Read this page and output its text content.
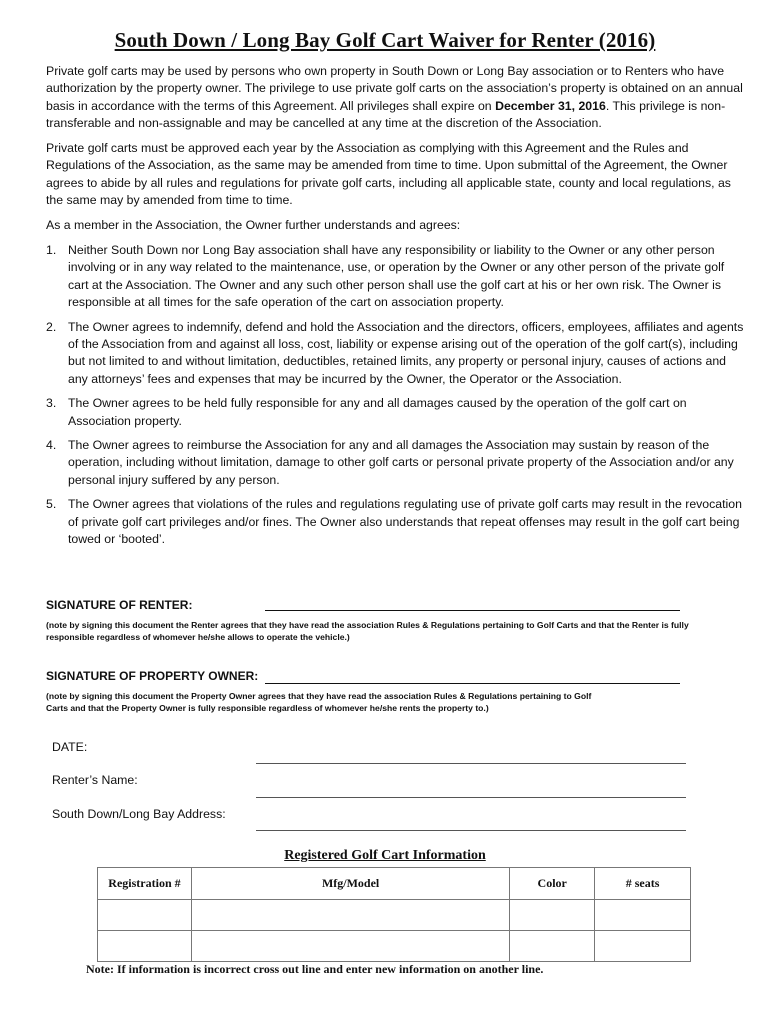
South Down / Long Bay Golf Cart Waiver for Renter (2016)
Private golf carts may be used by persons who own property in South Down or Long Bay association or to Renters who have authorization by the property owner. The privilege to use private golf carts on the association’s property is obtained on an annual basis in accordance with the terms of this Agreement. All privileges shall expire on December 31, 2016. This privilege is non-transferable and non-assignable and may be cancelled at any time at the discretion of the Association.
Private golf carts must be approved each year by the Association as complying with this Agreement and the Rules and Regulations of the Association, as the same may be amended from time to time. Upon submittal of the Agreement, the Owner agrees to abide by all rules and regulations for private golf carts, including all applicable state, county and local regulations, as the same may by amended from time to time.
As a member in the Association, the Owner further understands and agrees:
1. Neither South Down nor Long Bay association shall have any responsibility or liability to the Owner or any other person involving or in any way related to the maintenance, use, or operation by the Owner or any other person of the private golf cart at the Association. The Owner and any such other person shall use the golf cart at his or her own risk. The Owner is responsible at all times for the safe operation of the cart on association property.
2. The Owner agrees to indemnify, defend and hold the Association and the directors, officers, employees, affiliates and agents of the Association from and against all loss, cost, liability or expense arising out of the operation of the golf cart(s), including but not limited to and without limitation, deductibles, retained limits, any property or personal injury, causes of actions and any attorneys’ fees and expenses that may be incurred by the Owner, the Operator or the Association.
3. The Owner agrees to be held fully responsible for any and all damages caused by the operation of the golf cart on Association property.
4. The Owner agrees to reimburse the Association for any and all damages the Association may sustain by reason of the operation, including without limitation, damage to other golf carts or personal private property of the Association and/or any personal injury suffered by any person.
5. The Owner agrees that violations of the rules and regulations regulating use of private golf carts may result in the revocation of private golf cart privileges and/or fines. The Owner also understands that repeat offenses may result in the golf cart being towed or ‘booted’.
SIGNATURE OF RENTER:
(note by signing this document the Renter agrees that they have read the association Rules & Regulations pertaining to Golf Carts and that the Renter is fully responsible regardless of whomever he/she allows to operate the vehicle.)
SIGNATURE OF PROPERTY OWNER:
(note by signing this document the Property Owner agrees that they have read the association Rules & Regulations pertaining to Golf
Carts and that the Property Owner is fully responsible regardless of whomever he/she rents the property to.)
DATE:
Renter’s Name:
South Down/Long Bay Address:
Registered Golf Cart Information
Registration #	Mfg/Model	Color	# seats

Note: If information is incorrect cross out line and enter new information on another line.
